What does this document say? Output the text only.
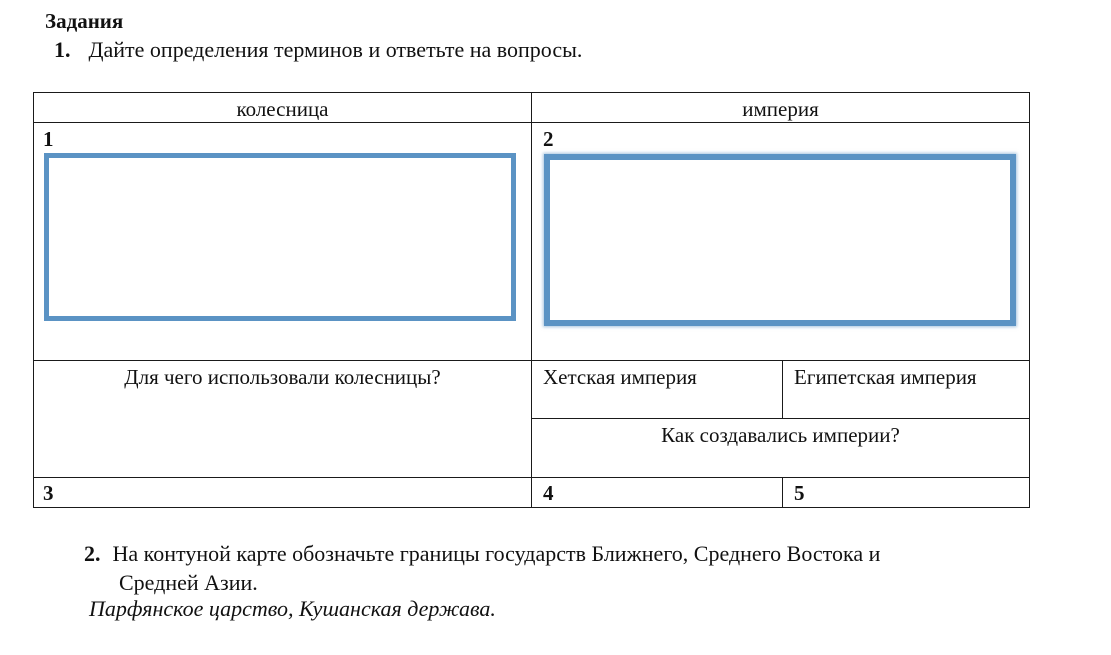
Задания
1. Дайте определения терминов и ответьте на вопросы.
колесница	империя
1	2
Для чего использовали колесницы?	Хетская империя	Египетская империя
Как создавались империи?
3	4	5
2. На контуной карте обозначьте границы государств Ближнего, Среднего Востока и
Средней Азии.
Парфянское царство, Кушанская держава.
